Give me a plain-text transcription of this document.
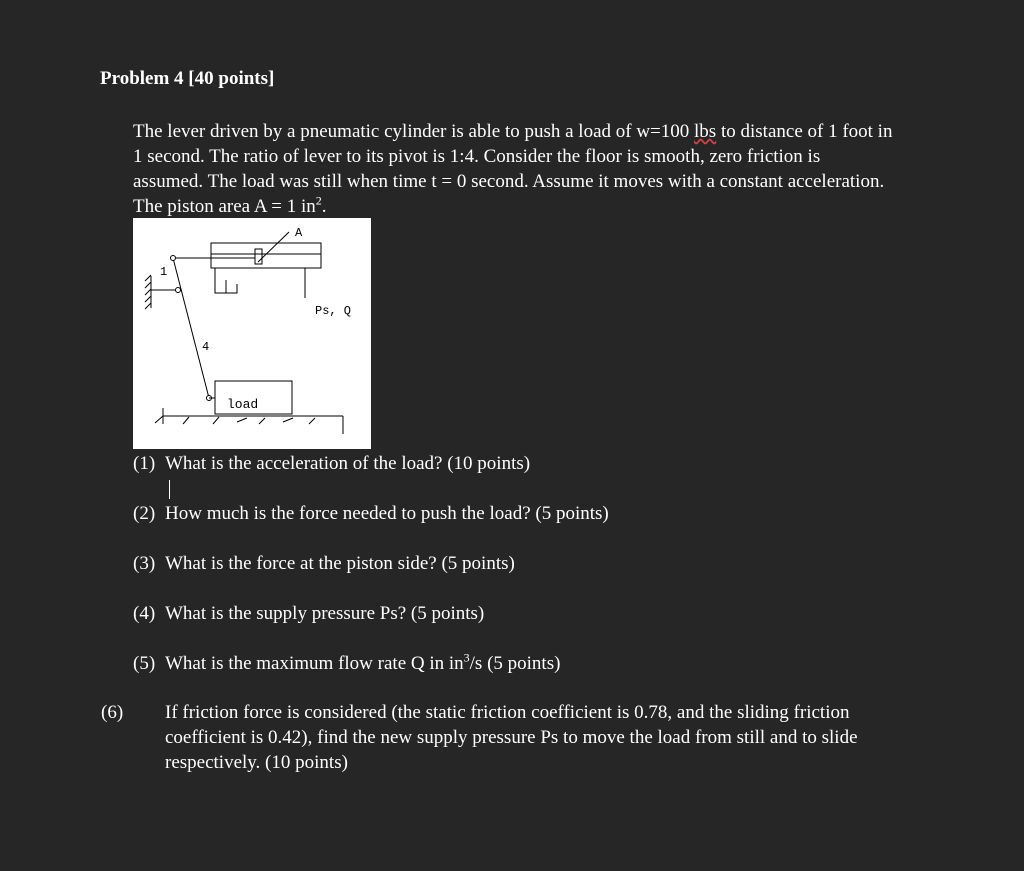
Problem 4 [40 points]

The lever driven by a pneumatic cylinder is able to push a load of w=100 lbs to distance of 1 foot in 1 second. The ratio of lever to its pivot is 1:4. Consider the floor is smooth, zero friction is assumed. The load was still when time t = 0 second. Assume it moves with a constant acceleration. The piston area A = 1 $in^2$.

A
1
4
Ps, Q
load

(1) What is the acceleration of the load? (10 points)

(2) How much is the force needed to push the load? (5 points)

(3) What is the force at the piston side? (5 points)

(4) What is the supply pressure Ps? (5 points)

(5) What is the maximum flow rate Q in $in^3/s$ (5 points)

(6) If friction force is considered (the static friction coefficient is 0.78, and the sliding friction coefficient is 0.42), find the new supply pressure Ps to move the load from still and to slide respectively. (10 points)
